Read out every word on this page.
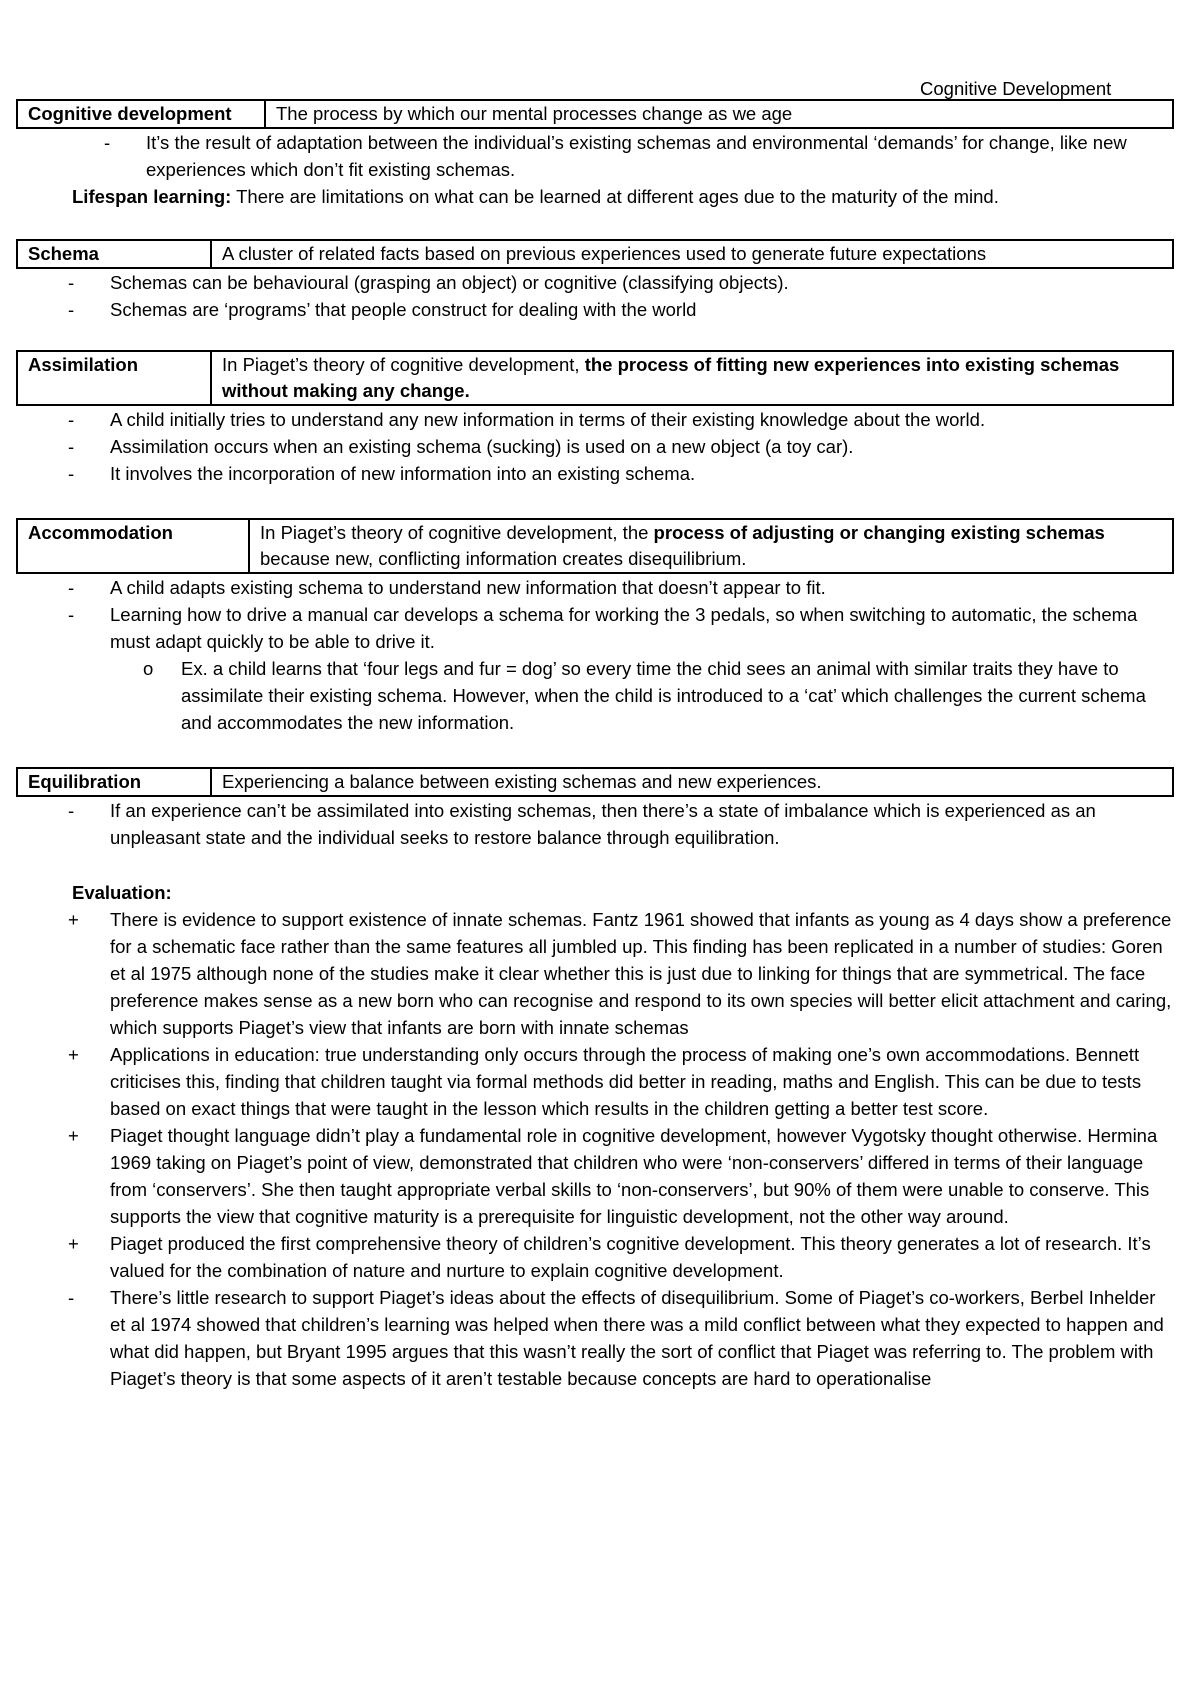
Cognitive Development
Cognitive development	The process by which our mental processes change as we age
- It’s the result of adaptation between the individual’s existing schemas and environmental ‘demands’ for change, like new experiences which don’t fit existing schemas.
Lifespan learning: There are limitations on what can be learned at different ages due to the maturity of the mind.
Schema	A cluster of related facts based on previous experiences used to generate future expectations
- Schemas can be behavioural (grasping an object) or cognitive (classifying objects).
- Schemas are ‘programs’ that people construct for dealing with the world
Assimilation	In Piaget’s theory of cognitive development, the process of fitting new experiences into existing schemas without making any change.
- A child initially tries to understand any new information in terms of their existing knowledge about the world.
- Assimilation occurs when an existing schema (sucking) is used on a new object (a toy car).
- It involves the incorporation of new information into an existing schema.
Accommodation	In Piaget’s theory of cognitive development, the process of adjusting or changing existing schemas because new, conflicting information creates disequilibrium.
- A child adapts existing schema to understand new information that doesn’t appear to fit.
- Learning how to drive a manual car develops a schema for working the 3 pedals, so when switching to automatic, the schema must adapt quickly to be able to drive it.
o Ex. a child learns that ‘four legs and fur = dog’ so every time the chid sees an animal with similar traits they have to assimilate their existing schema. However, when the child is introduced to a ‘cat’ which challenges the current schema and accommodates the new information.
Equilibration	Experiencing a balance between existing schemas and new experiences.
- If an experience can’t be assimilated into existing schemas, then there’s a state of imbalance which is experienced as an unpleasant state and the individual seeks to restore balance through equilibration.
Evaluation:
+ There is evidence to support existence of innate schemas. Fantz 1961 showed that infants as young as 4 days show a preference for a schematic face rather than the same features all jumbled up. This finding has been replicated in a number of studies: Goren et al 1975 although none of the studies make it clear whether this is just due to linking for things that are symmetrical. The face preference makes sense as a new born who can recognise and respond to its own species will better elicit attachment and caring, which supports Piaget’s view that infants are born with innate schemas
+ Applications in education: true understanding only occurs through the process of making one’s own accommodations. Bennett criticises this, finding that children taught via formal methods did better in reading, maths and English. This can be due to tests based on exact things that were taught in the lesson which results in the children getting a better test score.
+ Piaget thought language didn’t play a fundamental role in cognitive development, however Vygotsky thought otherwise. Hermina 1969 taking on Piaget’s point of view, demonstrated that children who were ‘non-conservers’ differed in terms of their language from ‘conservers’. She then taught appropriate verbal skills to ‘non-conservers’, but 90% of them were unable to conserve. This supports the view that cognitive maturity is a prerequisite for linguistic development, not the other way around.
+ Piaget produced the first comprehensive theory of children’s cognitive development. This theory generates a lot of research. It’s valued for the combination of nature and nurture to explain cognitive development.
- There’s little research to support Piaget’s ideas about the effects of disequilibrium. Some of Piaget’s co-workers, Berbel Inhelder et al 1974 showed that children’s learning was helped when there was a mild conflict between what they expected to happen and what did happen, but Bryant 1995 argues that this wasn’t really the sort of conflict that Piaget was referring to. The problem with Piaget’s theory is that some aspects of it aren’t testable because concepts are hard to operationalise
